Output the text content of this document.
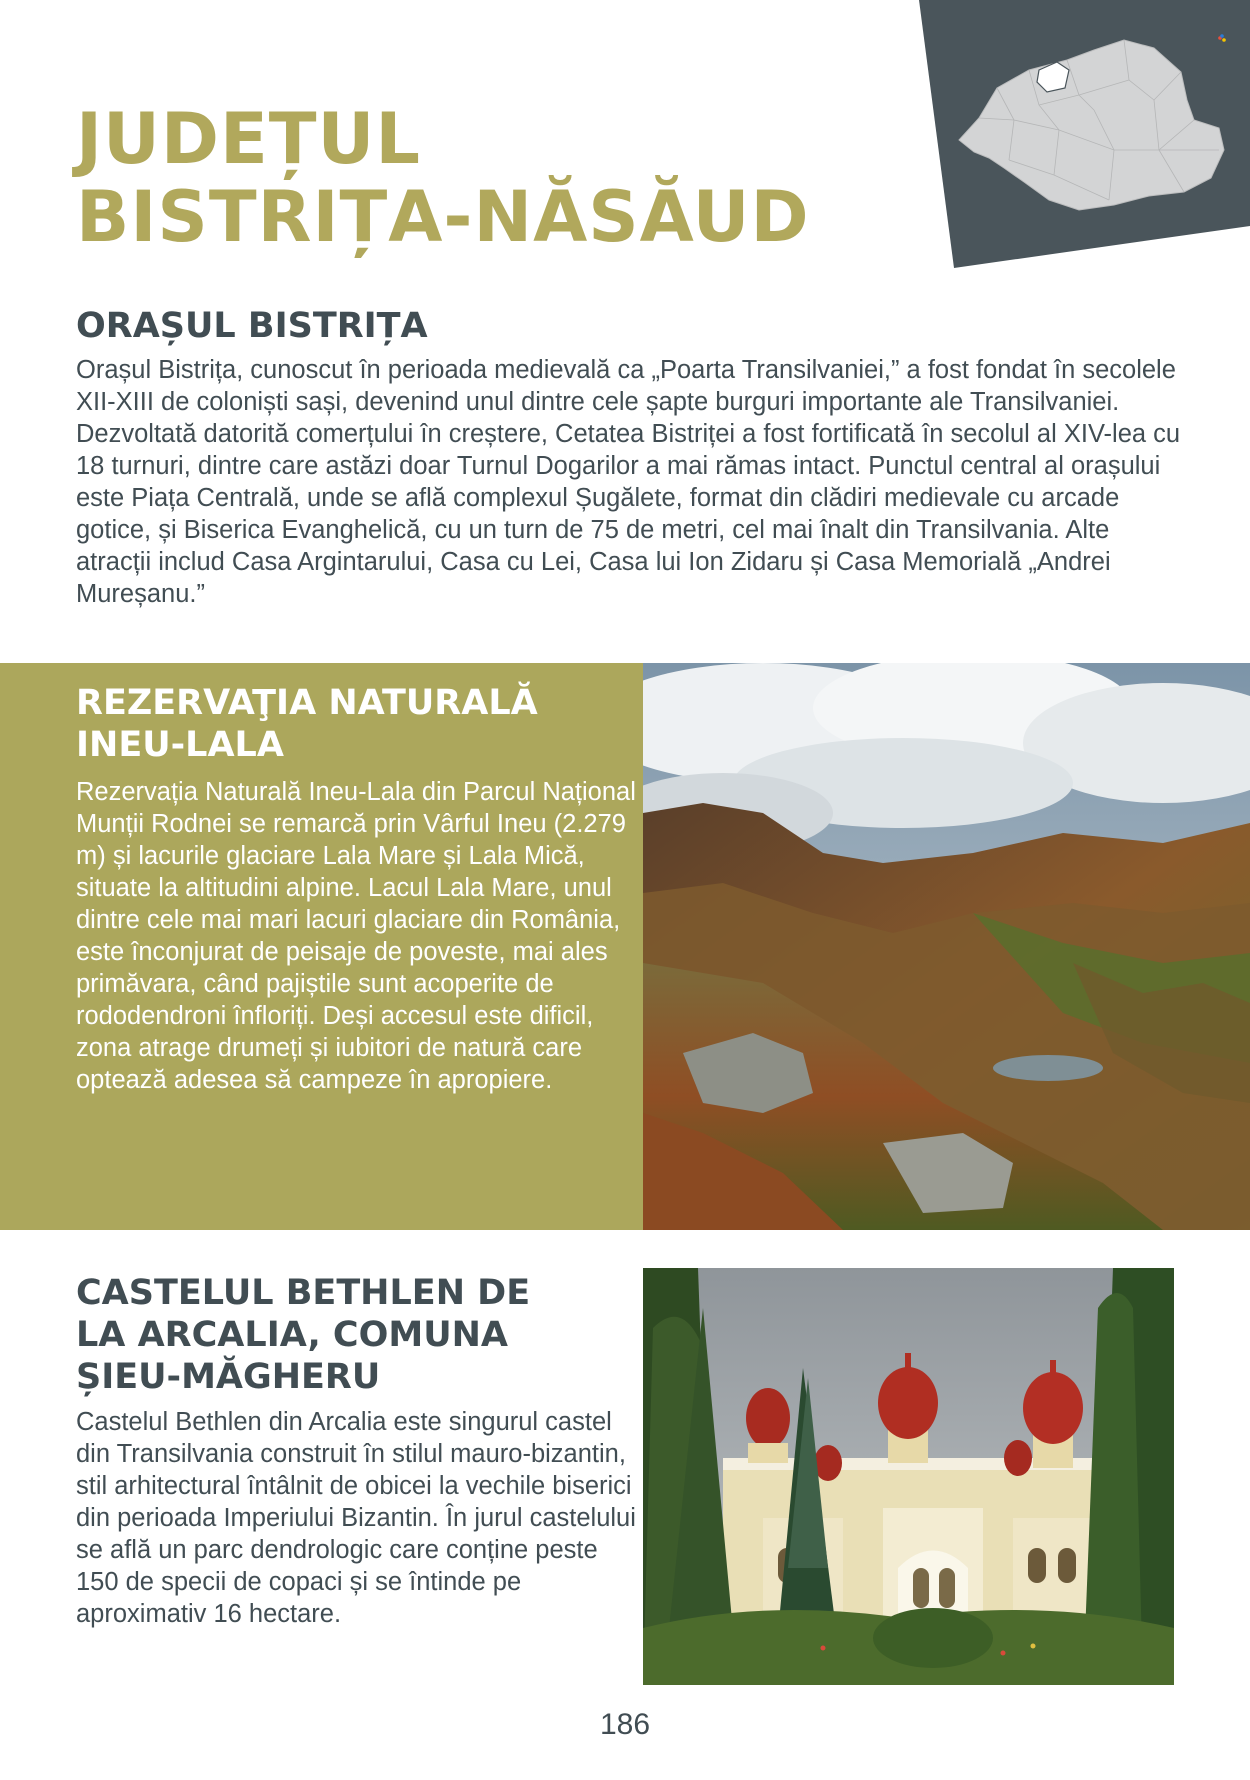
JUDEȚUL
BISTRIȚA-NĂSĂUD
ORAȘUL BISTRIȚA

Orașul Bistrița, cunoscut în perioada medievală ca „Poarta Transilvaniei,” a fost fondat în secolele XII-XIII de coloniști sași, devenind unul dintre cele șapte burguri importante ale Transilvaniei. Dezvoltată datorită comerțului în creștere, Cetatea Bistriței a fost fortificată în secolul al XIV-lea cu 18 turnuri, dintre care astăzi doar Turnul Dogarilor a mai rămas intact. Punctul central al orașului este Piața Centrală, unde se află complexul Șugălete, format din clădiri medievale cu arcade gotice, și Biserica Evanghelică, cu un turn de 75 de metri, cel mai înalt din Transilvania. Alte atracții includ Casa Argintarului, Casa cu Lei, Casa lui Ion Zidaru și Casa Memorială „Andrei Mureșanu.”

REZERVAŢIA NATURALĂ
INEU-LALA

Rezervația Naturală Ineu-Lala din Parcul Național Munții Rodnei se remarcă prin Vârful Ineu (2.279 m) și lacurile glaciare Lala Mare și Lala Mică, situate la altitudini alpine. Lacul Lala Mare, unul dintre cele mai mari lacuri glaciare din România, este înconjurat de peisaje de poveste, mai ales primăvara, când pajiștile sunt acoperite de rododendroni înfloriți. Deși accesul este dificil, zona atrage drumeți și iubitori de natură care optează adesea să campeze în apropiere.

CASTELUL BETHLEN DE
LA ARCALIA, COMUNA
ȘIEU-MĂGHERU

Castelul Bethlen din Arcalia este singurul castel din Transilvania construit în stilul mauro-bizantin, stil arhitectural întâlnit de obicei la vechile biserici din perioada Imperiului Bizantin. În jurul castelului se află un parc dendrologic care conține peste 150 de specii de copaci și se întinde pe aproximativ 16 hectare.

186
